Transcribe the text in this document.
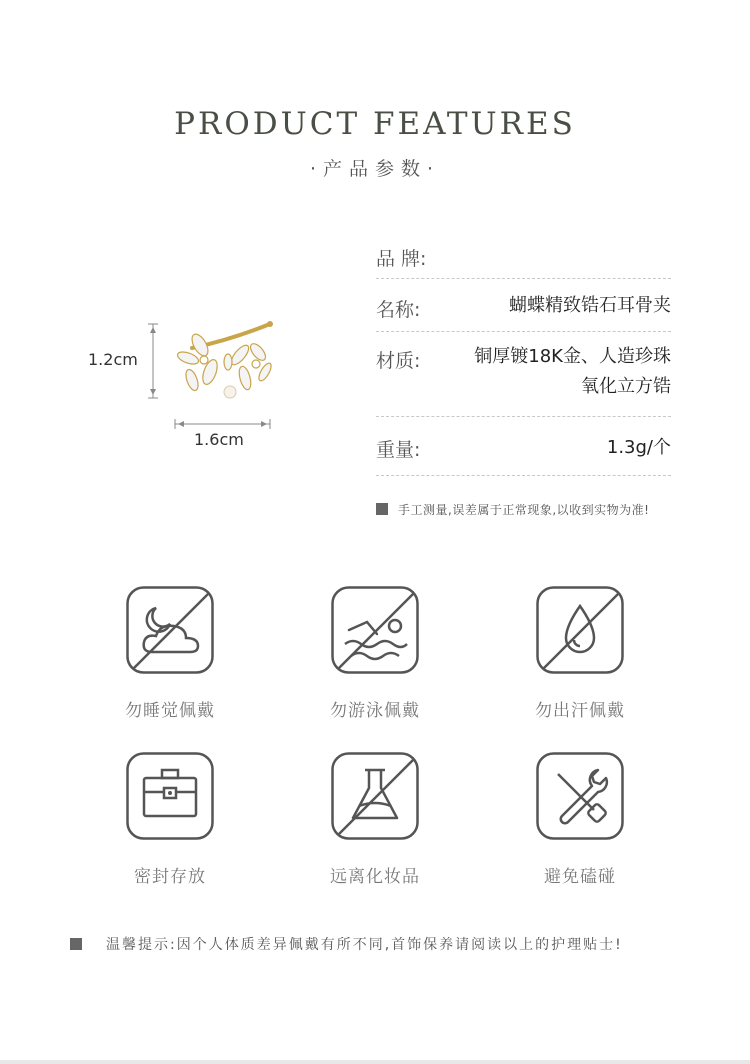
PRODUCT FEATURES
·产品参数·
1.2cm
1.6cm
品 牌:
名称:	蝴蝶精致锆石耳骨夹
材质:	铜厚镀18K金、人造珍珠
氧化立方锆
重量:	1.3g/个
手工测量,误差属于正常现象,以收到实物为准!
勿睡觉佩戴	勿游泳佩戴	勿出汗佩戴
密封存放	远离化妆品	避免磕碰
温馨提示:因个人体质差异佩戴有所不同,首饰保养请阅读以上的护理贴士!
